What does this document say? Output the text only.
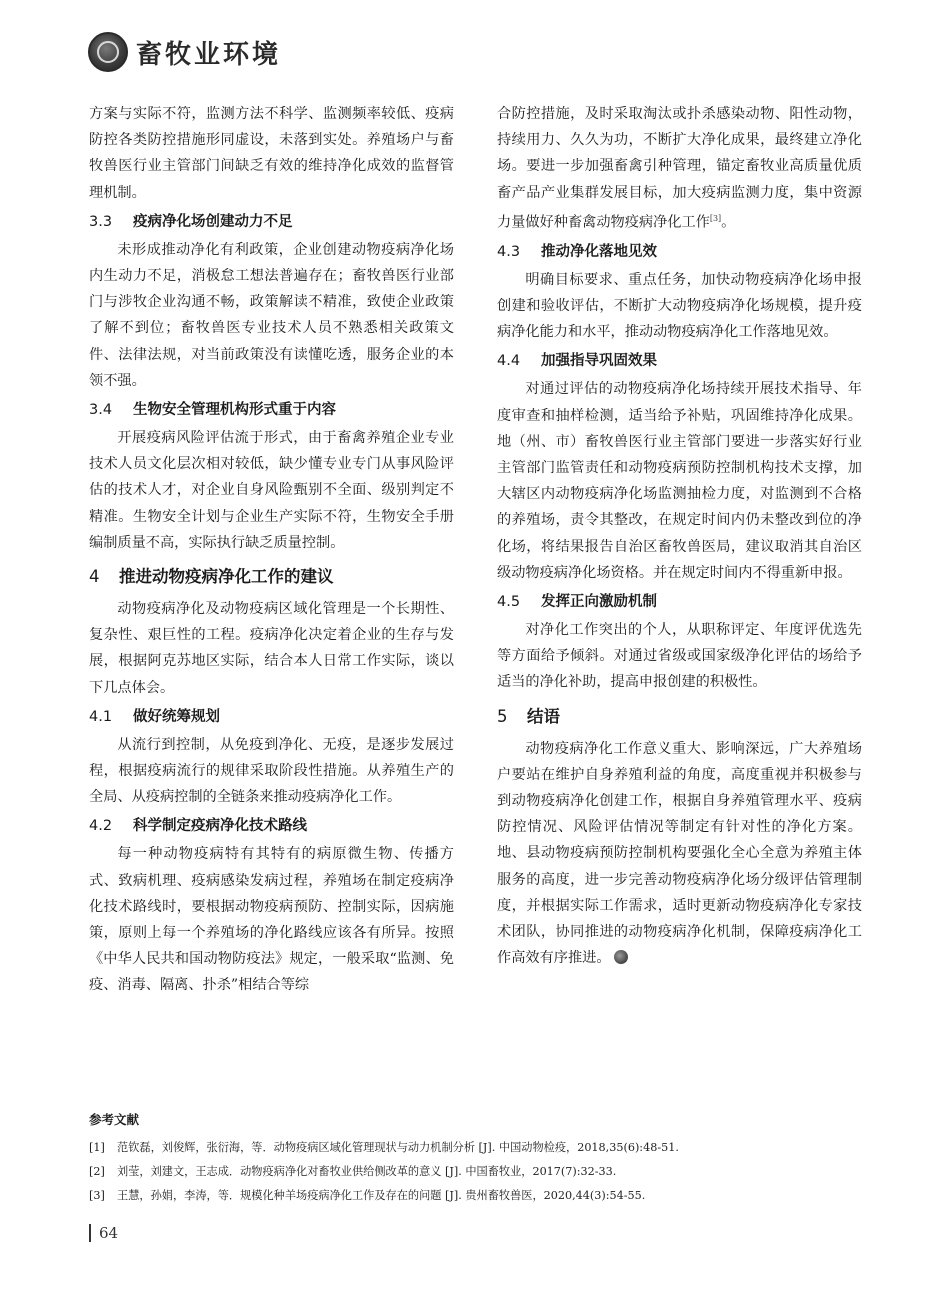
畜牧业环境

方案与实际不符，监测方法不科学、监测频率较低、疫病防控各类防控措施形同虚设，未落到实处。养殖场户与畜牧兽医行业主管部门间缺乏有效的维持净化成效的监督管理机制。

3.3 疫病净化场创建动力不足

未形成推动净化有利政策，企业创建动物疫病净化场内生动力不足，消极怠工想法普遍存在；畜牧兽医行业部门与涉牧企业沟通不畅，政策解读不精准，致使企业政策了解不到位；畜牧兽医专业技术人员不熟悉相关政策文件、法律法规，对当前政策没有读懂吃透，服务企业的本领不强。

3.4 生物安全管理机构形式重于内容

开展疫病风险评估流于形式，由于畜禽养殖企业专业技术人员文化层次相对较低，缺少懂专业专门从事风险评估的技术人才，对企业自身风险甄别不全面、级别判定不精准。生物安全计划与企业生产实际不符，生物安全手册编制质量不高，实际执行缺乏质量控制。

4 推进动物疫病净化工作的建议

动物疫病净化及动物疫病区域化管理是一个长期性、复杂性、艰巨性的工程。疫病净化决定着企业的生存与发展，根据阿克苏地区实际，结合本人日常工作实际，谈以下几点体会。

4.1 做好统筹规划

从流行到控制，从免疫到净化、无疫，是逐步发展过程，根据疫病流行的规律采取阶段性措施。从养殖生产的全局、从疫病控制的全链条来推动疫病净化工作。

4.2 科学制定疫病净化技术路线

每一种动物疫病特有其特有的病原微生物、传播方式、致病机理、疫病感染发病过程，养殖场在制定疫病净化技术路线时，要根据动物疫病预防、控制实际，因病施策，原则上每一个养殖场的净化路线应该各有所异。按照《中华人民共和国动物防疫法》规定，一般采取“监测、免疫、消毒、隔离、扑杀”相结合等综

合防控措施，及时采取淘汰或扑杀感染动物、阳性动物，持续用力、久久为功，不断扩大净化成果，最终建立净化场。要进一步加强畜禽引种管理，锚定畜牧业高质量优质畜产品产业集群发展目标，加大疫病监测力度，集中资源力量做好种畜禽动物疫病净化工作[3]。

4.3 推动净化落地见效

明确目标要求、重点任务，加快动物疫病净化场申报创建和验收评估，不断扩大动物疫病净化场规模，提升疫病净化能力和水平，推动动物疫病净化工作落地见效。

4.4 加强指导巩固效果

对通过评估的动物疫病净化场持续开展技术指导、年度审查和抽样检测，适当给予补贴，巩固维持净化成果。地（州、市）畜牧兽医行业主管部门要进一步落实好行业主管部门监管责任和动物疫病预防控制机构技术支撑，加大辖区内动物疫病净化场监测抽检力度，对监测到不合格的养殖场，责令其整改，在规定时间内仍未整改到位的净化场，将结果报告自治区畜牧兽医局，建议取消其自治区级动物疫病净化场资格。并在规定时间内不得重新申报。

4.5 发挥正向激励机制

对净化工作突出的个人，从职称评定、年度评优选先等方面给予倾斜。对通过省级或国家级净化评估的场给予适当的净化补助，提高申报创建的积极性。

5 结语

动物疫病净化工作意义重大、影响深远，广大养殖场户要站在维护自身养殖利益的角度，高度重视并积极参与到动物疫病净化创建工作，根据自身养殖管理水平、疫病防控情况、风险评估情况等制定有针对性的净化方案。地、县动物疫病预防控制机构要强化全心全意为养殖主体服务的高度，进一步完善动物疫病净化场分级评估管理制度，并根据实际工作需求，适时更新动物疫病净化专家技术团队，协同推进的动物疫病净化机制，保障疫病净化工作高效有序推进。

参考文献
[1]	范钦磊，刘俊辉，张衍海，等．动物疫病区域化管理现状与动力机制分析 [J]. 中国动物检疫，2018,35(6):48-51.
[2]	刘莹，刘建文，王志成．动物疫病净化对畜牧业供给侧改革的意义 [J]. 中国畜牧业，2017(7):32-33.
[3]	王慧，孙娟，李涛，等．规模化种羊场疫病净化工作及存在的问题 [J]. 贵州畜牧兽医，2020,44(3):54-55.
64
